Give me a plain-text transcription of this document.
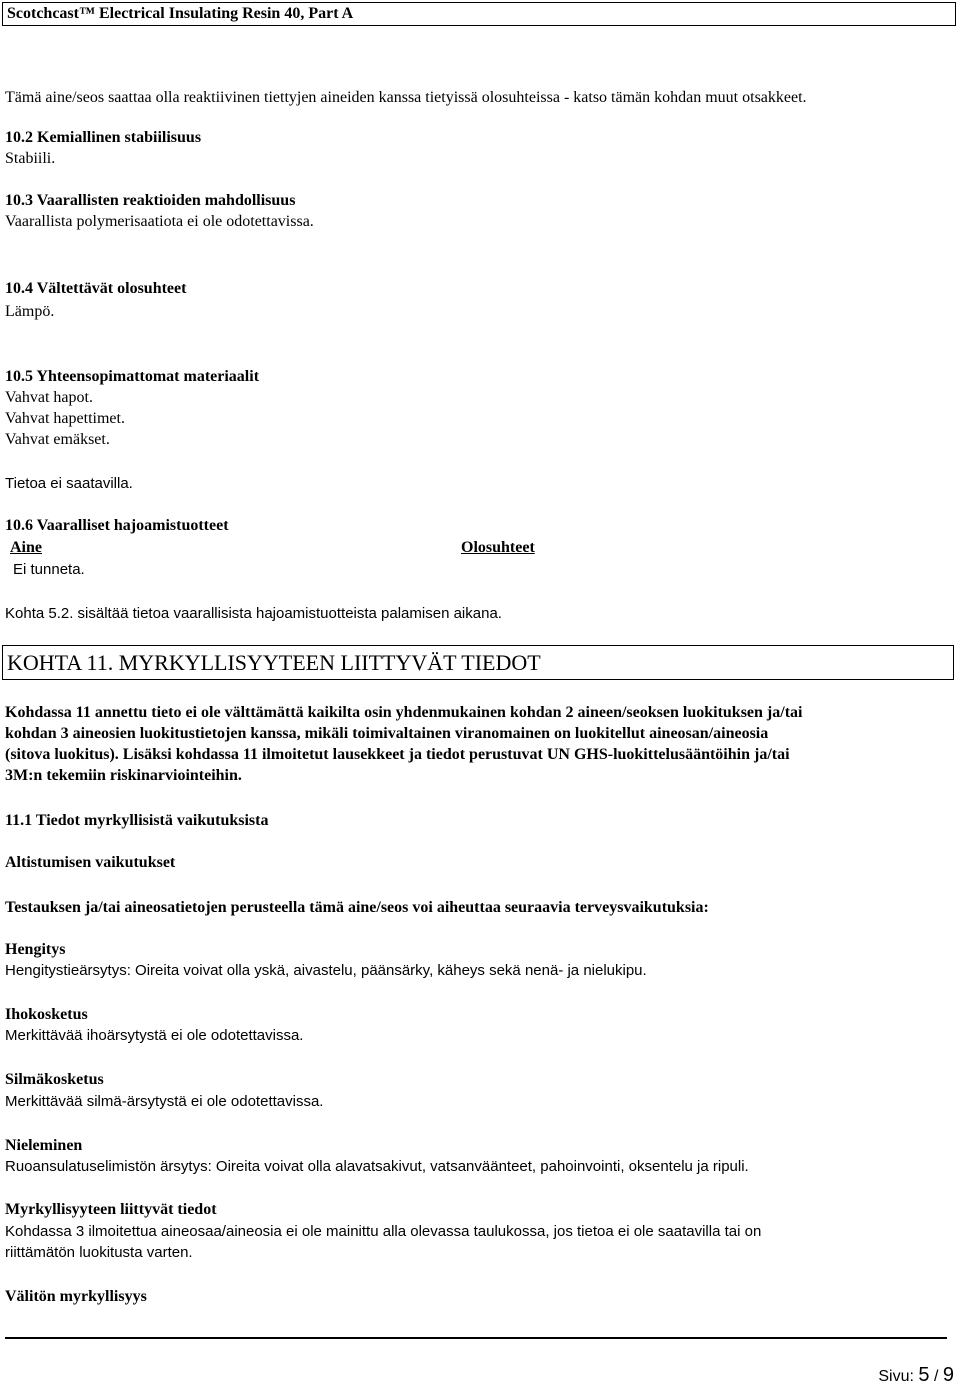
Scotchcast™ Electrical Insulating Resin 40, Part A
Tämä aine/seos saattaa olla reaktiivinen tiettyjen aineiden kanssa tietyissä olosuhteissa - katso tämän kohdan muut otsakkeet.
10.2 Kemiallinen stabiilisuus
Stabiili.
10.3 Vaarallisten reaktioiden mahdollisuus
Vaarallista polymerisaatiota ei ole odotettavissa.
10.4 Vältettävät olosuhteet
Lämpö.
10.5 Yhteensopimattomat materiaalit
Vahvat hapot.
Vahvat hapettimet.
Vahvat emäkset.
Tietoa ei saatavilla.
10.6 Vaaralliset hajoamistuotteet
Aine	Olosuhteet
Ei tunneta.
Kohta 5.2. sisältää tietoa vaarallisista hajoamistuotteista palamisen aikana.
KOHTA 11. MYRKYLLISYYTEEN LIITTYVÄT TIEDOT
Kohdassa 11 annettu tieto ei ole välttämättä kaikilta osin yhdenmukainen kohdan 2 aineen/seoksen luokituksen ja/tai
kohdan 3 aineosien luokitustietojen kanssa, mikäli toimivaltainen viranomainen on luokitellut aineosan/aineosia
(sitova luokitus). Lisäksi kohdassa 11 ilmoitetut lausekkeet ja tiedot perustuvat UN GHS-luokittelusääntöihin ja/tai
3M:n tekemiin riskinarviointeihin.
11.1 Tiedot myrkyllisistä vaikutuksista
Altistumisen vaikutukset
Testauksen ja/tai aineosatietojen perusteella tämä aine/seos voi aiheuttaa seuraavia terveysvaikutuksia:
Hengitys
Hengitystieärsytys: Oireita voivat olla yskä, aivastelu, päänsärky, käheys sekä nenä- ja nielukipu.
Ihokosketus
Merkittävää ihoärsytystä ei ole odotettavissa.
Silmäkosketus
Merkittävää silmä-ärsytystä ei ole odotettavissa.
Nieleminen
Ruoansulatuselimistön ärsytys: Oireita voivat olla alavatsakivut, vatsanväänteet, pahoinvointi, oksentelu ja ripuli.
Myrkyllisyyteen liittyvät tiedot
Kohdassa 3 ilmoitettua aineosaa/aineosia ei ole mainittu alla olevassa taulukossa, jos tietoa ei ole saatavilla tai on
riittämätön luokitusta varten.
Välitön myrkyllisyys
Sivu: 5 / 9
